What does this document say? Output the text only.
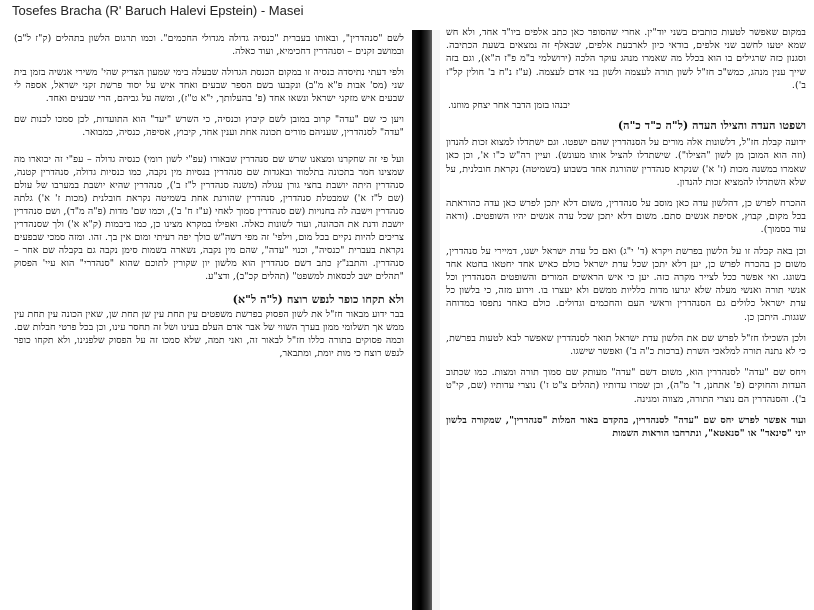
Tosefes Bracha (R' Baruch Halevi Epstein) - Masei
לשם "סנהדרין", ובאותו בעברית "כנסיה גדולה מגדולי החכמים". וכמו תרגום הלשון בתהלים (ק"ז ל"ב) ובמושב זקנים – וסנהדרין דחכימיא, ועוד כאלה.
ולפי דעתי נתיסדה כנסיה זו במקום הכנסת הגדולה שבעלה בימי שמעון הצדיק שהי' משירי אנשיה בזמן בית שני (מס' אבות פ"א מ"ב) ונקבעו בשם הספר שבעים ואחד איש על יסוד פרשת זקני ישראל, אספה לי שבעים איש מזקני ישראל ונשאו אחד (פ' בהעלותך, י"א ט"ז), ומשה על גביהם, הרי שבעים ואחד.
ויען כי שם "עדה" קרוב במובן לשם קיבוץ וכנסיה, כי השרש "יעד" הוא התועדות, לכן סמכו לכנות שם "עדה" לסנהדרין, שעניהם מורים תכונה אחת וענין אחד, קיבוץ, אסיפה, כנסיה, כמבואר.
ועל פי זה שחקרנו ומצאנו שרש שם סנהדרין שבאורו (עפ"י לשון רומי) כנסיה גדולה – עפ"י זה יבוארו מה שמצינו חמר בתכונה בתלמוד ובאגדות שם סנהדרין בנסיות מין נקבה, כמו כנסיות גדולה, סנהדרין קטנה, סנהדרין היתה יושבת בחצי גורן עגולה (משנה סנהדרין ל"ז ב'), סנהדרין שהיא יושבת במערבו של עולם (שם ל"ז א') שמבטלת סנהדרין, סנהדרין שהורגת אחת בשמיטה נקראת חובלנית (מכות ז' א') גלתה סנהדרין וישבה לה בחנויות (שם סנהדרין סמוך לאחי (ע"ז ח' ב'), וכמו שם' מדות (פ"ה מ"ד), ושם סנהדרין יושבת ודנת את הכהונה, ועוד לשונות כאלה. ואפילו במקרא מצינו כן, כמו ביבמות (ק"א א') ולך שסנהדרין צריכים להיות נקיים בכל מום, וילפי' זה מפי דשה"ש כולך יפה רעיתי ומום אין בך. זהו. ומזה סמכי שבפעים נקראת בעברית "כנסיה", וכנוי "עדה", שהם מין נקבה, נשארה בשמות סימן נקבה גם בקבלה שם אחר – סנהדרין. והתבנ"ץ כתב דשם סנהדרין הוא מלשון יון שקורין לתוכם שהוא "סנהדרי" הוא עיי' הפסוק "תהלים ישב לכסאות למשפט" (תהלים קכ"ב), ודצ"ע.
ולא תקחו כופר לנפש רוצח (ל"ה ל"א)
בבר ידוע מבאור חז"ל את לשון הפסוק בפרשת משפטים עין תחת עין שן תחת שן, שאין הכונה עין תחת עין ממש אך תשלומי ממון בערך השווי של אבר אדם העלם בעינו ושל זה תחסר עינו, וכן בכל פרטי חבלות שם. וכמה פסוקים בתורה כללו חז"ל לבאור זה, ואני תמה, שלא סמכו זה על הפסוק שלפנינו, ולא תקחו כופר לנפש רוצח כי מות יומת, ומתבאר,
במקום שאפשר לטעות כותבים בשני יוד"ין. אחרי שהסופר כאן כתב אלפים ביו"ד אחד, ולא חש שמא יטעו לחשב שני אלפים, בודאי כיון לארבעת אלפים, שבאלף זה נמצאים בשעת הכתיבה. וסגנון כזה שרגילים בו הוא בכלל מה שאמרו מנהג עוקר הלכה (ירושלמי ב"מ פ"ז ה"א), וגם בזה שייך ענין מנהג, כמש"כ חז"ל לשון תורה לעצמה ולשון בני אדם לעצמה. (ע"ז נ"ח ב' חולין קל"ז ב').
יבנהו בזמן הדבר אחר יצחק מווזנו.
ושפטו העדה והצילו העדה (ל"ה כ"ד כ"ה)
ידועה קבלת חז"ל, דלשונות אלה מורים על הסנהדרין שהם ישפטו. וגם ישתדלו למצוא זכות להנדון (וזה הוא המובן מן לשון "הצילו"). שישתדלו להציל אותו מעונש). ועיין רה"ש כ"ו א', וכן כאן שאמרו במשנה מכות (ז' א') שנקרא סנהדרין שהורגת אחד בשבוע (בשמיטה) נקראת חובלנית, על שלא השתדלו להמציא זכות להנדון.
ההכרח לפרש כן, דהלשון עדה כאן מוסב על סנהדרין, משום דלא יתכן לפרש כאן עדה כהוראתה בכל מקום, קבוץ, אסיפת אנשים סתם. משום דלא יתכן שכל עדה אנשים יהיו השופטים. (וראה עוד בסמוך).
וכן באה קבלה זו על הלשון בפרשת ויקרא (ד' י"ג) ואם כל עדת ישראל ישגו, דמיירי על סנהדרין, משום כן בהכרח לפרש כן, יען דלא יתכן שכל עדת ישראל כולם כאיש אחד יחטאו בחטא אחד בשוגג. ואי אפשר ככל לצייר מקרה כזה. יען כי איש הראשים המורים והשופטים הסנהדרין וכל אנשי תורה ואנשי מעלה שלא יגרעו מדות כלליות ממשם ולא יעצרו בו. וידוע מזה, כי בלשון כל עדת ישראל כלולים גם הסנהדרין וראשי העם והחכמים וגדולים. כולם כאחד נתפסו במדוחה שגגות. היתכן כן.
ולכן השכילו חז"ל לפרש שם את הלשון עדת ישראל תואר לסנהדרין שאפשר לבא לטעות בפרשת, כי לא נתנה תורה למלאכי השרת (ברכות כ"ה ב') ואפשר שישגו.
ויחס שם "עדה" לסנהדרין הוא, משום דשם "עדה" מעותק שם סמוך תורה ומצות. כמו שכתוב העדות והחוקים (פ' אתחנן, ד' מ"ה), וכן שמרו עדותיו (תהלים צ"ט ז') נוצרי עדותיו (שם, קי"ט ב'). והסנהדרין הם נוצרי התורה, מצווה ומגינה.
ועוד אפשר לפרש יחס שם "עדה" לסנהדרין, בהקדם באור המלות "סנהדרין", שמקורה בלשון יוני "סינאד" או "סנאטא", ונתרחבו הוראות השמות
